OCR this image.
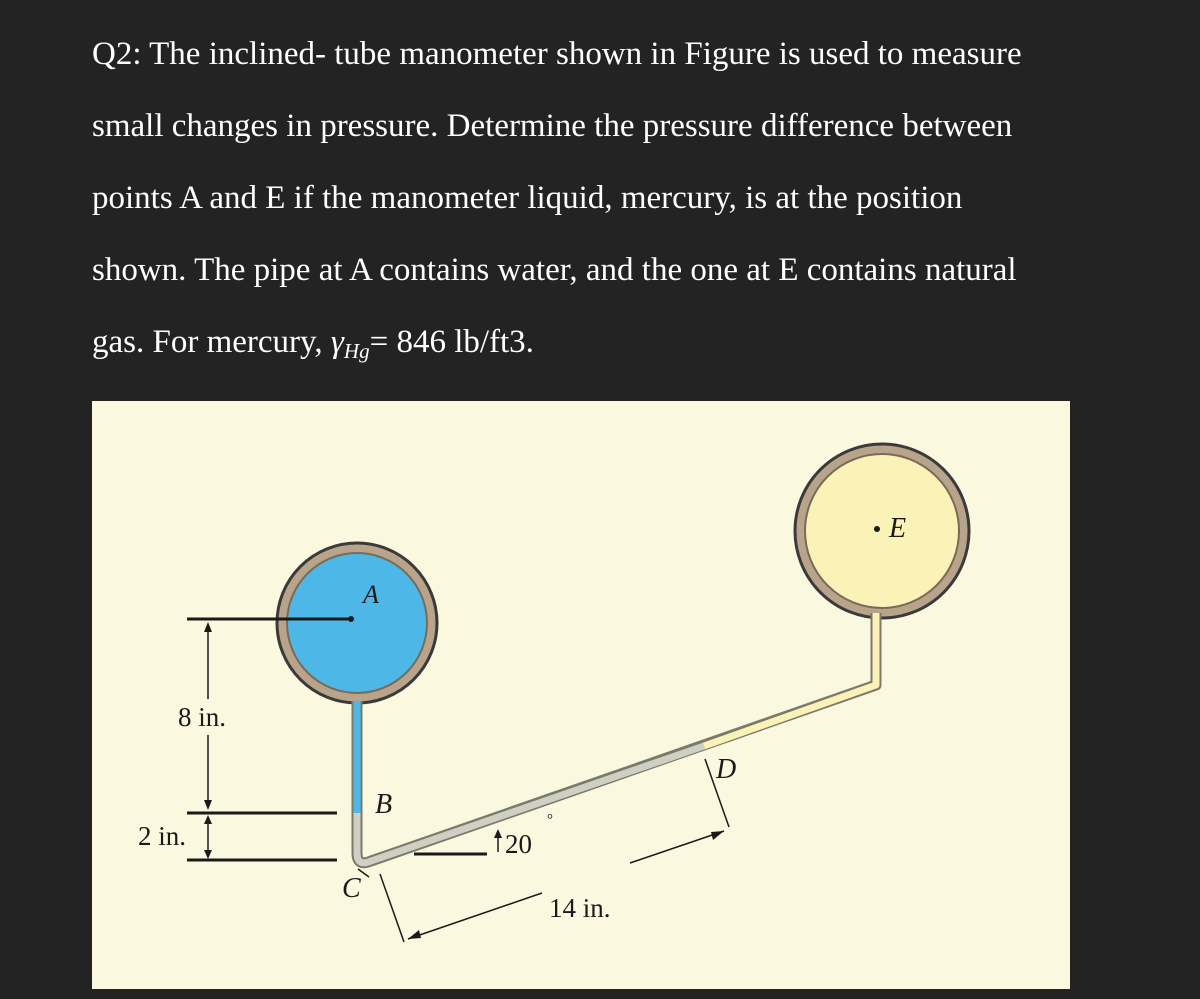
Q2: The inclined- tube manometer shown in Figure is used to measure

small changes in pressure. Determine the pressure difference between

points A and E if the manometer liquid, mercury, is at the position

shown. The pipe at A contains water, and the one at E contains natural

gas. For mercury, $\gamma_{Hg}= 846$ lb/ft3.

A
E
B
C
D
8 in.
2 in.	20
°
14 in.
